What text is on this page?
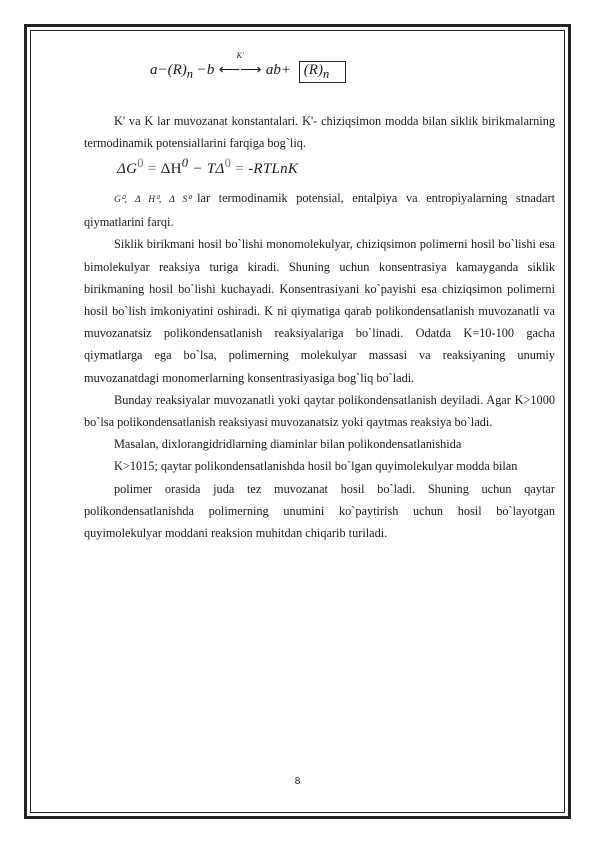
$a-(R)_n -b$
K'
⟵⟶ $ab+ (R)_n$

K' va K lar muvozanat konstantalari. K'- chiziqsimon modda bilan siklik birikmalarning termodinamik potensiallarini farqiga bog`liq.

$\Delta G^0 = \Delta H^0 - T\Delta^0$ = -RTLnK

G⁰, Δ H⁰, Δ S⁰ lar termodinamik potensial, entalpiya va entropiyalarning stnadart qiymatlarini farqi.

Siklik birikmani hosil bo`lishi monomolekulyar, chiziqsimon polimerni hosil bo`lishi esa bimolekulyar reaksiya turiga kiradi. Shuning uchun konsentrasiya kamayganda siklik birikmaning hosil bo`lishi kuchayadi. Konsentrasiyani ko`payishi esa chiziqsimon polimerni hosil bo`lish imkoniyatini oshiradi. K ni qiymatiga qarab polikondensatlanish muvozanatli va muvozanatsiz polikondensatlanish reaksiyalariga bo`linadi. Odatda K=10-100 gacha qiymatlarga ega bo`lsa, polimerning molekulyar massasi va reaksiyaning unumiy muvozanatdagi monomerlarning konsentrasiyasiga bog`liq bo`ladi.

Bunday reaksiyalar muvozanatli yoki qaytar polikondensatlanish deyiladi. Agar K>1000 bo`lsa polikondensatlanish reaksiyasi muvozanatsiz yoki qaytmas reaksiya bo`ladi.

Masalan, dixlorangidridlarning diaminlar bilan polikondensatlanishida

K>1015; qaytar polikondensatlanishda hosil bo`lgan quyimolekulyar modda bilan

polimer orasida juda tez muvozanat hosil bo`ladi. Shuning uchun qaytar polikondensatlanishda polimerning unumini ko`paytirish uchun hosil bo`layotgan quyimolekulyar moddani reaksion muhitdan chiqarib turiladi.

8
